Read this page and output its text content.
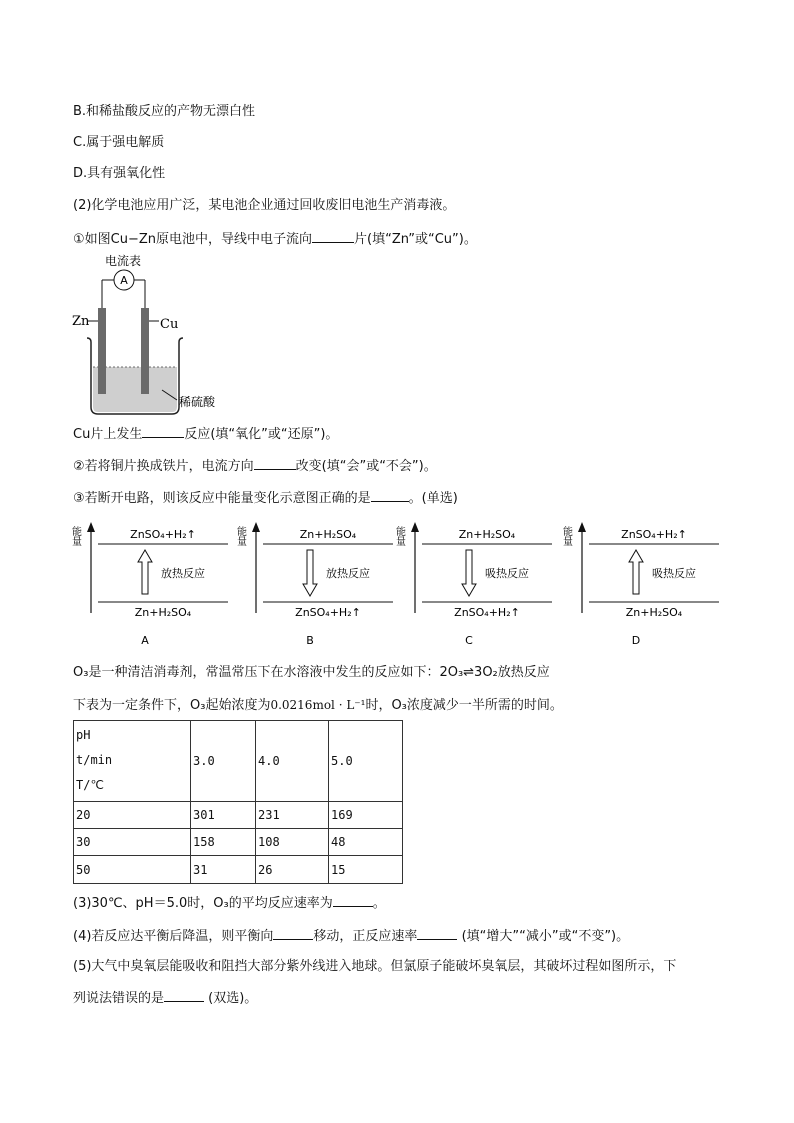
B.和稀盐酸反应的产物无漂白性
C.属于强电解质
D.具有强氧化性
(2)化学电池应用广泛，某电池企业通过回收废旧电池生产消毒液。
①如图Cu−Zn原电池中，导线中电子流向	片(填“Zn”或“Cu”)。
电流表
A
Zn	Cu
稀硫酸
Cu片上发生	反应(填“氧化”或“还原”)。
②若将铜片换成铁片，电流方向	改变(填“会”或“不会”)。
③若断开电路，则该反应中能量变化示意图正确的是	。(单选)
能量	ZnSO₄+H₂↑
Zn+H₂SO₄
放热反应
A
能量	Zn+H₂SO₄
ZnSO₄+H₂↑
放热反应
B
能量	Zn+H₂SO₄
ZnSO₄+H₂↑
吸热反应
C
能量	ZnSO₄+H₂↑
Zn+H₂SO₄
吸热反应
D
O₃是一种清洁消毒剂，常温常压下在水溶液中发生的反应如下：2O₃⇌3O₂放热反应
下表为一定条件下，O₃起始浓度为0.0216mol · L⁻¹时，O₃浓度减少一半所需的时间。
pH
t/min
T/℃	3.0	4.0	5.0
20	301	231	169
30	158	108	48
50	31	26	15
(3)30℃、pH＝5.0时，O₃的平均反应速率为	。
(4)若反应达平衡后降温，则平衡向	移动，正反应速率	(填“增大”“减小”或“不变”)。
(5)大气中臭氧层能吸收和阻挡大部分紫外线进入地球。但氯原子能破坏臭氧层，其破坏过程如图所示，下
列说法错误的是	(双选)。
